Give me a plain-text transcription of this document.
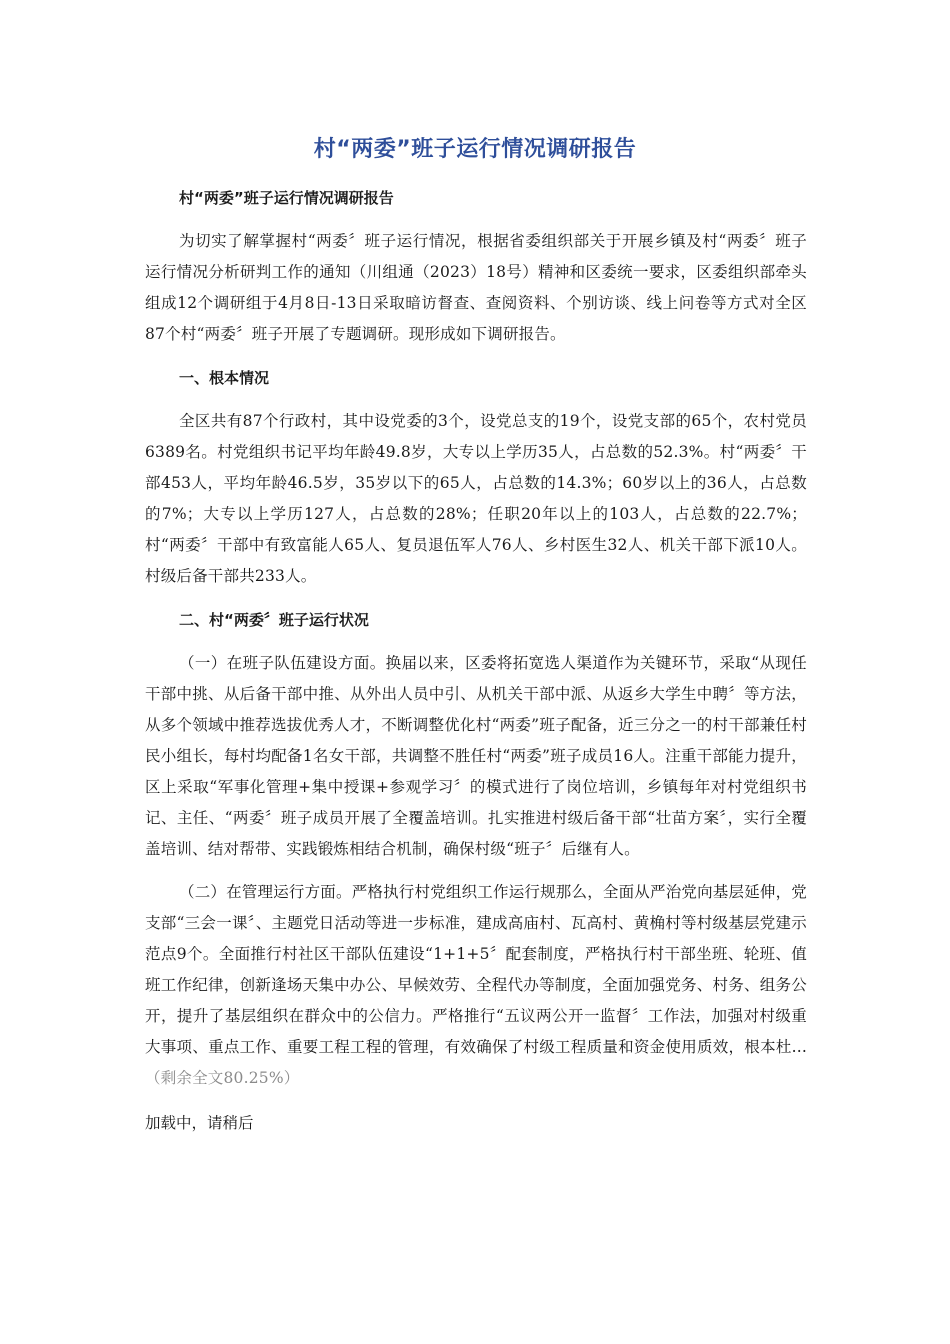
村“两委”班子运行情况调研报告

村“两委”班子运行情况调研报告

为切实了解掌握村“两委〞班子运行情况，根据省委组织部关于开展乡镇及村“两委〞班子运行情况分析研判工作的通知（川组通（2023）18号）精神和区委统一要求，区委组织部牵头组成12个调研组于4月8日-13日采取暗访督查、查阅资料、个别访谈、线上问卷等方式对全区87个村“两委〞班子开展了专题调研。现形成如下调研报告。

一、根本情况

全区共有87个行政村，其中设党委的3个，设党总支的19个，设党支部的65个，农村党员6389名。村党组织书记平均年龄49.8岁，大专以上学历35人，占总数的52.3%。村“两委〞干部453人，平均年龄46.5岁，35岁以下的65人，占总数的14.3%；60岁以上的36人，占总数的7%；大专以上学历127人，占总数的28%；任职20年以上的103人，占总数的22.7%；村“两委〞干部中有致富能人65人、复员退伍军人76人、乡村医生32人、机关干部下派10人。村级后备干部共233人。

二、村“两委〞班子运行状况

（一）在班子队伍建设方面。换届以来，区委将拓宽选人渠道作为关键环节，采取“从现任干部中挑、从后备干部中推、从外出人员中引、从机关干部中派、从返乡大学生中聘〞等方法，从多个领域中推荐选拔优秀人才，不断调整优化村“两委”班子配备，近三分之一的村干部兼任村民小组长，每村均配备1名女干部，共调整不胜任村“两委”班子成员16人。注重干部能力提升，区上采取“军事化管理+集中授课+参观学习〞的模式进行了岗位培训，乡镇每年对村党组织书记、主任、“两委〞班子成员开展了全覆盖培训。扎实推进村级后备干部“壮苗方案〞，实行全覆盖培训、结对帮带、实践锻炼相结合机制，确保村级“班子〞后继有人。

（二）在管理运行方面。严格执行村党组织工作运行规那么，全面从严治党向基层延伸，党支部“三会一课〞、主题党日活动等进一步标准，建成高庙村、瓦高村、黄桷村等村级基层党建示范点9个。全面推行村社区干部队伍建设“1+1+5〞配套制度，严格执行村干部坐班、轮班、值班工作纪律，创新逢场天集中办公、早候效劳、全程代办等制度，全面加强党务、村务、组务公开，提升了基层组织在群众中的公信力。严格推行“五议两公开一监督〞工作法，加强对村级重大事项、重点工作、重要工程工程的管理，有效确保了村级工程质量和资金使用质效，根本杜...（剩余全文80.25%）

加载中，请稍后
